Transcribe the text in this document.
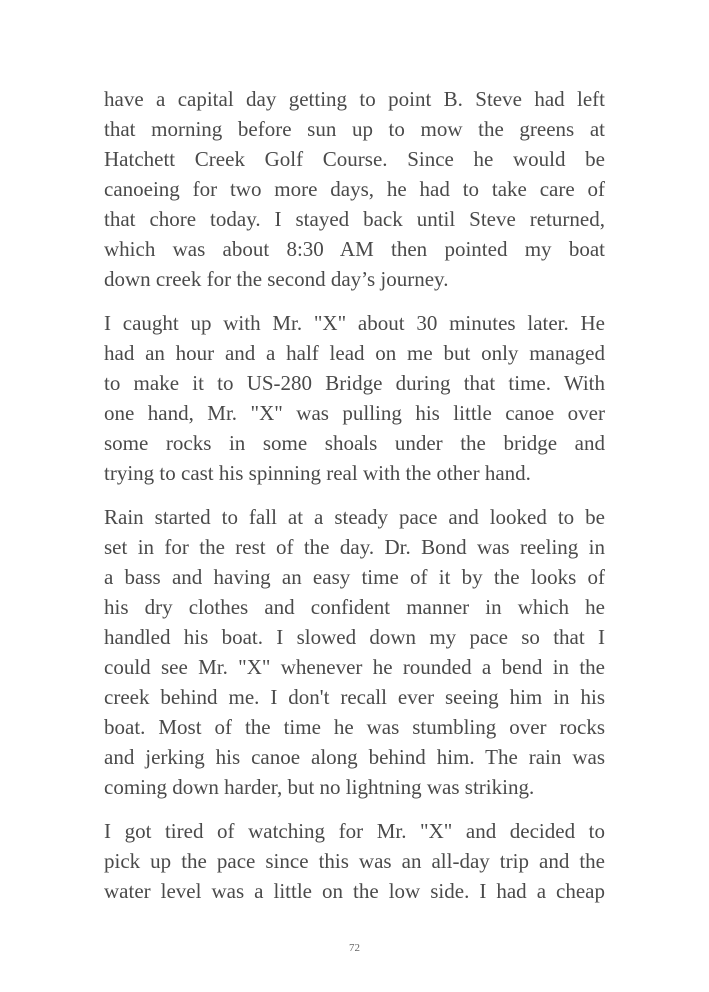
have a capital day getting to point B. Steve had left
that morning before sun up to mow the greens at
Hatchett Creek Golf Course. Since he would be
canoeing for two more days, he had to take care of
that chore today. I stayed back until Steve returned,
which was about 8:30 AM then pointed my boat
down creek for the second day’s journey.

I caught up with Mr. "X" about 30 minutes later. He
had an hour and a half lead on me but only managed
to make it to US-280 Bridge during that time. With
one hand, Mr. "X" was pulling his little canoe over
some rocks in some shoals under the bridge and
trying to cast his spinning real with the other hand.

Rain started to fall at a steady pace and looked to be
set in for the rest of the day. Dr. Bond was reeling in
a bass and having an easy time of it by the looks of
his dry clothes and confident manner in which he
handled his boat. I slowed down my pace so that I
could see Mr. "X" whenever he rounded a bend in the
creek behind me. I don't recall ever seeing him in his
boat. Most of the time he was stumbling over rocks
and jerking his canoe along behind him. The rain was
coming down harder, but no lightning was striking.

I got tired of watching for Mr. "X" and decided to
pick up the pace since this was an all-day trip and the
water level was a little on the low side. I had a cheap

72
